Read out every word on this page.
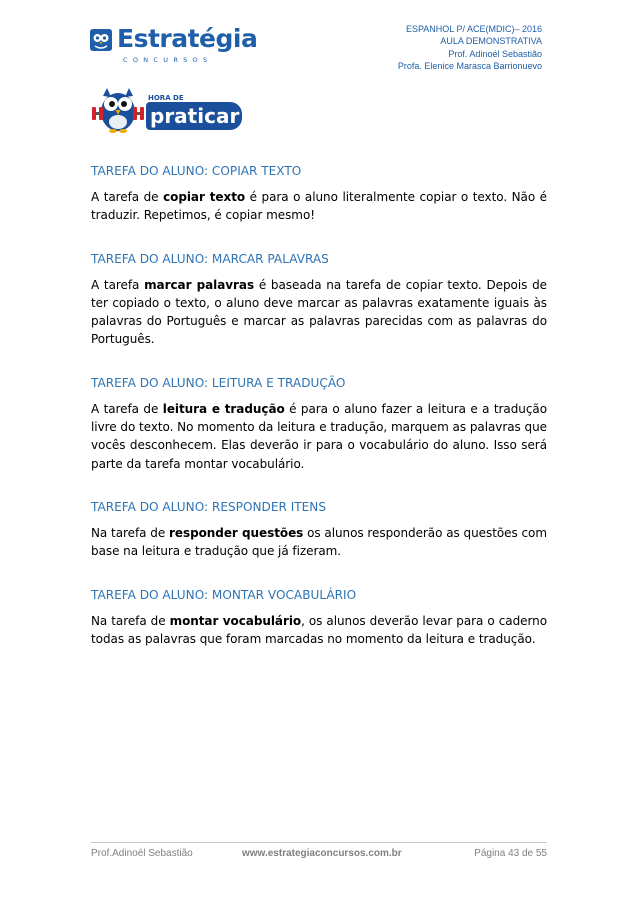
Estratégia
CONCURSOS
ESPANHOL P/ ACE(MDIC)– 2016
AULA DEMONSTRATIVA
Prof. Adinoél Sebastião
Profa. Elenice Marasca Barrionuevo
HORA DE
praticar!
TAREFA DO ALUNO: COPIAR TEXTO

A tarefa de copiar texto é para o aluno literalmente copiar o texto. Não é traduzir. Repetimos, é copiar mesmo!

TAREFA DO ALUNO: MARCAR PALAVRAS

A tarefa marcar palavras é baseada na tarefa de copiar texto. Depois de ter copiado o texto, o aluno deve marcar as palavras exatamente iguais às palavras do Português e marcar as palavras parecidas com as palavras do Português.

TAREFA DO ALUNO: LEITURA E TRADUÇÃO

A tarefa de leitura e tradução é para o aluno fazer a leitura e a tradução livre do texto. No momento da leitura e tradução, marquem as palavras que vocês desconhecem. Elas deverão ir para o vocabulário do aluno. Isso será parte da tarefa montar vocabulário.

TAREFA DO ALUNO: RESPONDER ITENS

Na tarefa de responder questões os alunos responderão as questões com base na leitura e tradução que já fizeram.

TAREFA DO ALUNO: MONTAR VOCABULÁRIO

Na tarefa de montar vocabulário, os alunos deverão levar para o caderno todas as palavras que foram marcadas no momento da leitura e tradução.

Prof.Adinoél Sebastião	www.estrategiaconcursos.com.br	Página 43 de 55
